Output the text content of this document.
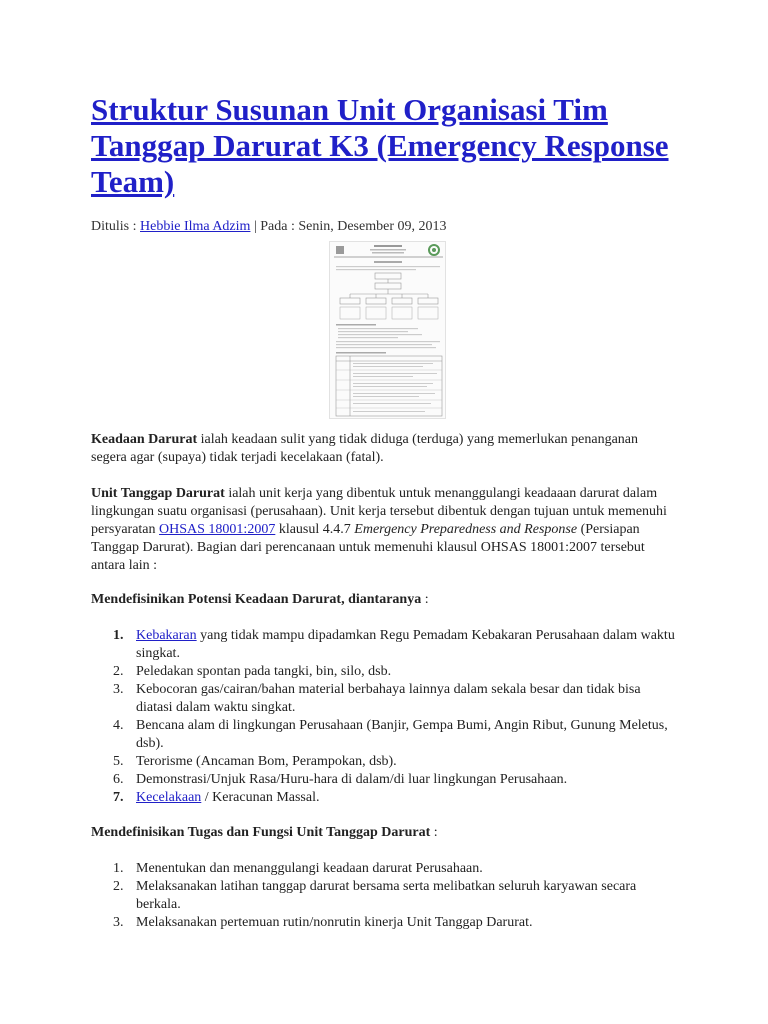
Struktur Susunan Unit Organisasi Tim Tanggap Darurat K3 (Emergency Response Team)
Ditulis : Hebbie Ilma Adzim | Pada : Senin, Desember 09, 2013

Keadaan Darurat ialah keadaan sulit yang tidak diduga (terduga) yang memerlukan penanganan segera agar (supaya) tidak terjadi kecelakaan (fatal).

Unit Tanggap Darurat ialah unit kerja yang dibentuk untuk menanggulangi keadaaan darurat dalam lingkungan suatu organisasi (perusahaan). Unit kerja tersebut dibentuk dengan tujuan untuk memenuhi persyaratan OHSAS 18001:2007 klausul 4.4.7 Emergency Preparedness and Response (Persiapan Tanggap Darurat). Bagian dari perencanaan untuk memenuhi klausul OHSAS 18001:2007 tersebut antara lain :

Mendefisinikan Potensi Keadaan Darurat, diantaranya :

1. Kebakaran yang tidak mampu dipadamkan Regu Pemadam Kebakaran Perusahaan dalam waktu singkat.
2. Peledakan spontan pada tangki, bin, silo, dsb.
3. Kebocoran gas/cairan/bahan material berbahaya lainnya dalam sekala besar dan tidak bisa diatasi dalam waktu singkat.
4. Bencana alam di lingkungan Perusahaan (Banjir, Gempa Bumi, Angin Ribut, Gunung Meletus, dsb).
5. Terorisme (Ancaman Bom, Perampokan, dsb).
6. Demonstrasi/Unjuk Rasa/Huru-hara di dalam/di luar lingkungan Perusahaan.
7. Kecelakaan / Keracunan Massal.

Mendefinisikan Tugas dan Fungsi Unit Tanggap Darurat :

1. Menentukan dan menanggulangi keadaan darurat Perusahaan.
2. Melaksanakan latihan tanggap darurat bersama serta melibatkan seluruh karyawan secara berkala.
3. Melaksanakan pertemuan rutin/nonrutin kinerja Unit Tanggap Darurat.
